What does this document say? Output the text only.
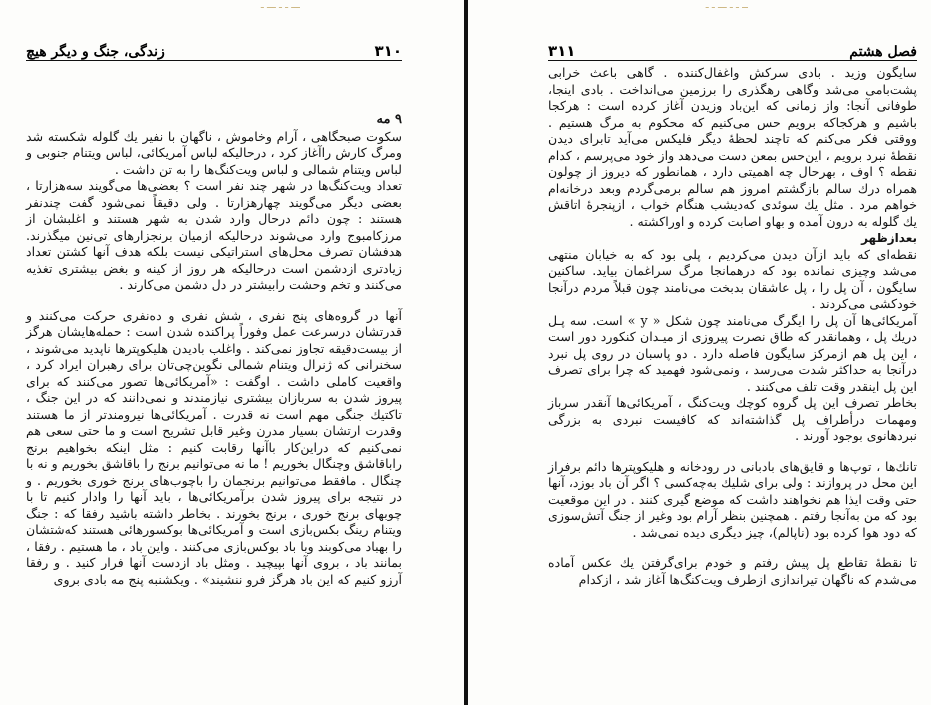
ـــ ـ ـ ـــ ـ
۳۱۰
زندگی، جنگ و دیگر هیچ

۹ مه

سکوت صبحگاهی ، آرام وخاموش ، ناگهان با نفیر یك گلوله شکسته شد ومرگ کارش راآغاز کرد ، درحالیکه لباس آمریکائی، لباس ویتنام جنوبی و لباس ویتنام شمالی و لباس ویت‌کنگ‌ها را به تن داشت .

تعداد ویت‌کنگ‌ها در شهر چند نفر است ؟ بعضی‌ها می‌گویند سه‌هزارتا ، بعضی دیگر می‌گویند چهارهزارتا . ولی دقیقاً نمی‌شود گفت چندنفر هستند : چون دائم درحال وارد شدن به شهر هستند و اغلبشان از مرزکامبوج وارد می‌شوند درحالیکه ازمیان برنجزارهای تی‌نین میگذرند. هدفشان تصرف محل‌های استراتیکی نیست بلکه هدف آنها کشتن تعداد زیادتری ازدشمن است درحالیکه هر روز از کینه و بغض بیشتری تغذیه می‌کنند و تخم وحشت رابیشتر در دل دشمن می‌کارند .

آنها در گروه‌های پنج نفری ، شش نفری و ده‌نفری حرکت می‌کنند و قدرتشان درسرعت عمل وفوراً پراکنده شدن است : حمله‌هایشان هرگز از بیست‌دقیقه تجاوز نمی‌کند . واغلب بادیدن هلیکوپترها ناپدید می‌شوند ، سخنرانی که ژنرال ویتنام شمالی نگوین‌چی‌تان برای رهبران ایراد کرد ، واقعیت کاملی داشت . اوگفت : «آمریکائی‌ها تصور می‌کنند که برای پیروز شدن به سربازان بیشتری نیازمندند و نمی‌دانند که در این جنگ ، تاکتیك جنگی مهم است نه قدرت . آمریکائی‌ها نیرومندتر از ما هستند وقدرت ارتشان بسیار مدرن وغیر قابل تشریح است و ما حتی سعی هم نمی‌کنیم که دراین‌کار باآنها رقابت کنیم : مثل اینکه بخواهیم برنج راباقاشق وچنگال بخوریم ! ما نه می‌توانیم برنج را باقاشق بخوریم و نه با چنگال . مافقط می‌توانیم برنجمان را باچوب‌های برنج خوری بخوریم . و در نتیجه برای پیروز شدن برآمریکائی‌ها ، باید آنها را وادار کنیم تا با چوبهای برنج خوری ، برنج بخورند . بخاطر داشته باشید رفقا که : جنگ ویتنام رینگ بکس‌بازی است و آمریکائی‌ها بوکسورهائی هستند که‌شتشان را بهباد می‌کوبند وبا باد بوکس‌بازی می‌کنند . واین باد ، ما هستیم . رفقا ، بمانند باد ، بروی آنها بپیچید . ومثل باد ازدست آنها فرار کنید . و رفقا آرزو کنیم که این باد هرگز فرو ننشیند» . ویکشنبه پنج مه بادی بروی

ــ ـ ـ ـــ ـ ـ
فصل هشتم
۳۱۱

سایگون وزید . بادی سرکش واغفال‌کننده . گاهی باعث خرابی پشت‌بامی می‌شد وگاهی رهگذری را برزمین می‌انداخت . بادی اینجا، طوفانی آنجا: واز زمانی که این‌باد وزیدن آغاز کرده است : هرکجا باشیم و هرکجاکه برویم حس می‌کنیم که محکوم به مرگ هستیم . ووقتی فکر می‌کنم که تاچند لحظهٔ دیگر فلیکس می‌آید تابرای دیدن نقطهٔ نبرد برویم ، این‌حس بمعن دست می‌دهد واز خود می‌پرسم ، کدام نقطه ؟ اوف ، بهرحال چه اهمیتی دارد ، همانطور که دیروز از چولون همراه درك سالم بازگشتم امروز هم سالم برمی‌گردم وبعد درخانه‌ام خواهم مرد . مثل یك سوئدی که‌دیشب هنگام خواب ، ازپنجرهٔ اتاقش یك گلوله به درون آمده و بهاو اصابت کرده و اوراکشته .

بعدازظهر

نقطه‌ای که باید ازآن دیدن می‌کردیم ، پلی بود که به خیابان منتهی می‌شد وچیزی نمانده بود که درهمانجا مرگ سراغمان بیاید. ساکنین سایگون ، آن پل را ، پل عاشقان بدبخت می‌نامند چون قبلاً مردم درآنجا خودکشی می‌کردند .

آمریکائی‌ها آن پل را ایگرگ می‌نامند چون شکل « y » است. سه پـل دریك پل ، وهمانقدر که طاق نصرت پیروزی از میـدان کنکورد دور است ، این پل هم ازمرکز سایگون فاصله دارد . دو پاسبان در روی پل نبرد درآنجا به حداکثر شدت می‌رسد ، ونمی‌شود فهمید که چرا برای تصرف این پل اینقدر وقت تلف می‌کنند .

بخاطر تصرف این پل گروه کوچك ویت‌کنگ ، آمریکائی‌ها آنقدر سرباز ومهمات درأطراف پل گذاشته‌اند که کافیست نبردی به بزرگی نبردهانوی بوجود آورند .

تانك‌ها ، توپ‌ها و قایق‌های بادبانی در رودخانه و هلیکوپترها دائم برفراز این محل در پروازند : ولی برای شلیك به‌چه‌کسی ؟ اگر آن باد بوزد، آنها حتی وقت ایذا هم نخواهند داشت که موضع گیری کنند . در این موقعیت بود که من به‌آنجا رفتم . همچنین بنظر آرام بود وغیر از جنگ آتش‌سوزی که دود هوا کرده بود (ناپالم)، چیز دیگری دیده نمی‌شد .

تا نقطهٔ تقاطع پل پیش رفتم و خودم برای‌گرفتن یك عکس آماده می‌شدم که ناگهان تیراندازی ازطرف ویت‌کنگ‌ها آغاز شد ، ازکدام
